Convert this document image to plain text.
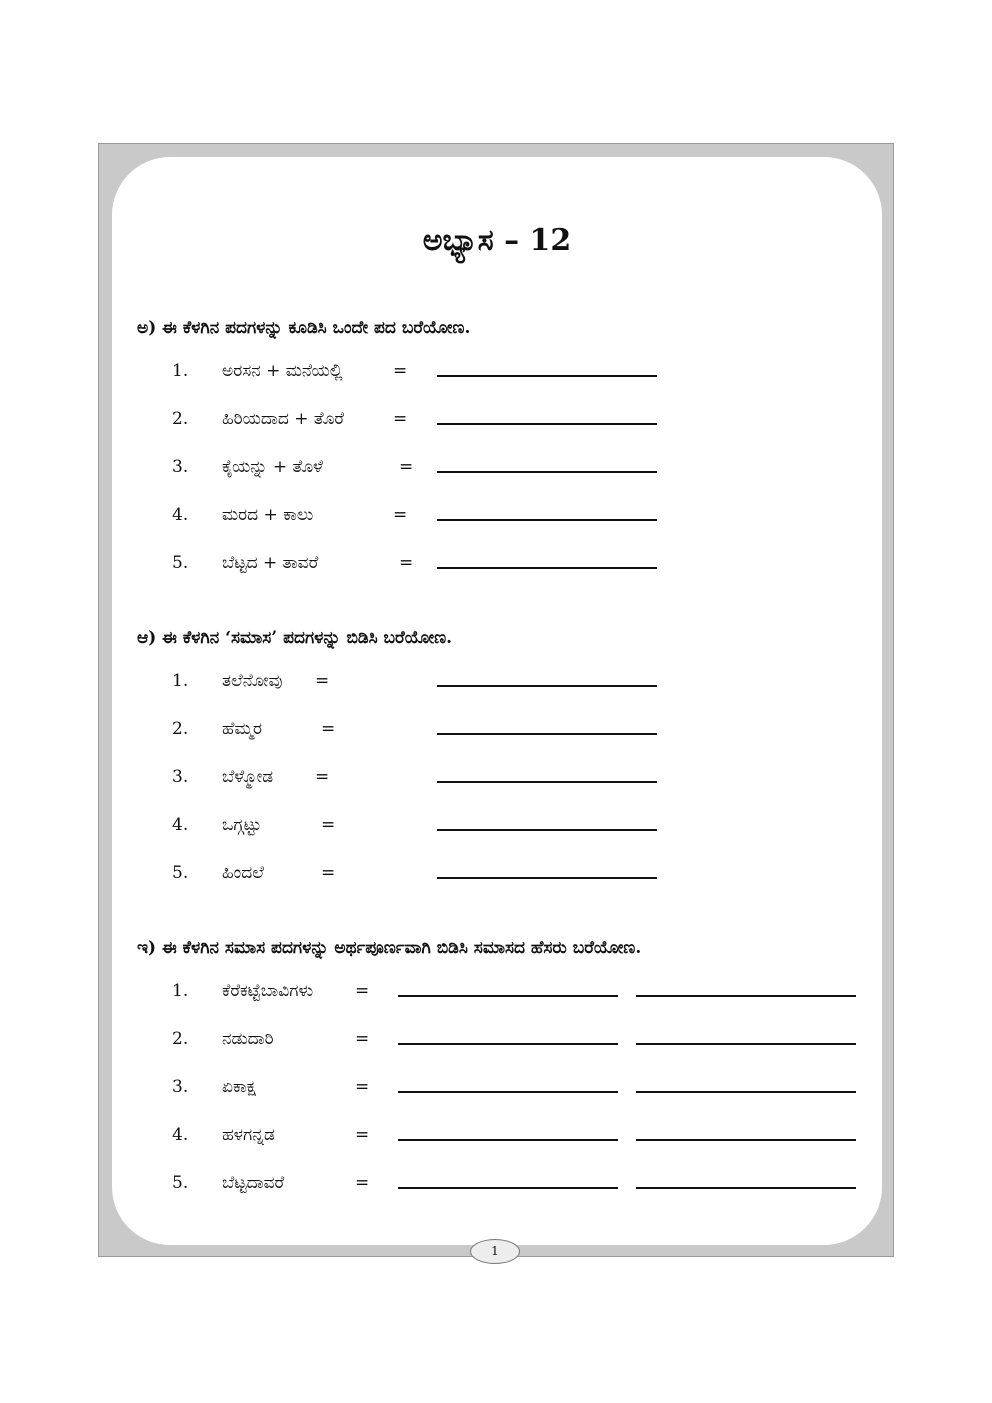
ಅಭ್ಯಾಸ – 12
ಅ) ಈ ಕೆಳಗಿನ ಪದಗಳನ್ನು ಕೂಡಿಸಿ ಒಂದೇ ಪದ ಬರೆಯೋಣ.
1. ಅರಸನ + ಮನೆಯಲ್ಲಿ	=
2. ಹಿರಿಯದಾದ + ತೊರೆ	=
3. ಕೈಯನ್ನು + ತೊಳೆ	=
4. ಮರದ + ಕಾಲು	=
5. ಬೆಟ್ಟದ + ತಾವರೆ	=
ಆ) ಈ ಕೆಳಗಿನ ‘ಸಮಾಸ’ ಪದಗಳನ್ನು ಬಿಡಿಸಿ ಬರೆಯೋಣ.
1. ತಲೆನೋವು =
2. ಹೆಮ್ಮರ	=
3. ಬೆಳ್ಮೋಡ =
4. ಒಗ್ಗಟ್ಟು	=
5. ಹಿಂದಲೆ	=
ಇ) ಈ ಕೆಳಗಿನ ಸಮಾಸ ಪದಗಳನ್ನು ಅರ್ಥಪೂರ್ಣವಾಗಿ ಬಿಡಿಸಿ ಸಮಾಸದ ಹೆಸರು ಬರೆಯೋಣ.
1. ಕೆರೆಕಟ್ಟೆಬಾವಿಗಳು =
2. ನಡುದಾರಿ	=
3. ಏಕಾಕ್ಷ	=
4. ಹಳಗನ್ನಡ	=
5. ಬೆಟ್ಟದಾವರೆ	=
1
